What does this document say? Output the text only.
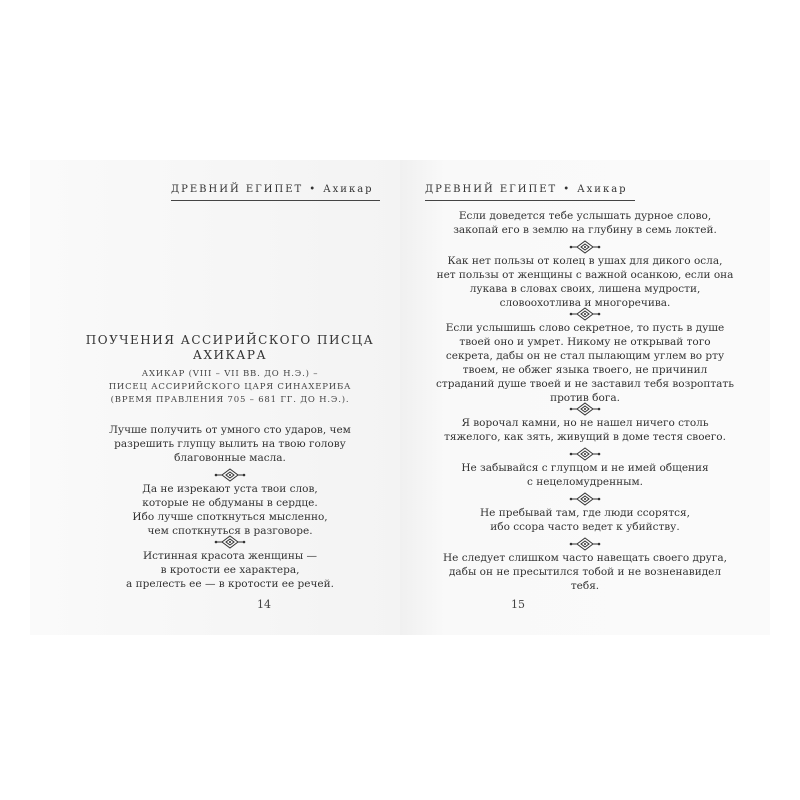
ДРЕВНИЙ ЕГИПЕТ • Ахикар
ПОУЧЕНИЯ АССИРИЙСКОГО ПИСЦА
АХИКАРА
АХИКАР (VIII – VII ВВ. ДО Н.Э.) –
ПИСЕЦ АССИРИЙСКОГО ЦАРЯ СИНАХЕРИБА
(ВРЕМЯ ПРАВЛЕНИЯ 705 – 681 ГГ. ДО Н.Э.).
Лучше получить от умного сто ударов, чем
разрешить глупцу вылить на твою голову
благовонные масла.
Да не изрекают уста твои слов,
которые не обдуманы в сердце.
Ибо лучше споткнуться мысленно,
чем споткнуться в разговоре.
Истинная красота женщины —
в кротости ее характера,
а прелесть ее — в кротости ее речей.
14
ДРЕВНИЙ ЕГИПЕТ • Ахикар
Если доведется тебе услышать дурное слово,
закопай его в землю на глубину в семь локтей.
Как нет пользы от колец в ушах для дикого осла,
нет пользы от женщины с важной осанкою, если она
лукава в словах своих, лишена мудрости,
словоохотлива и многоречива.
Если услышишь слово секретное, то пусть в душе
твоей оно и умрет. Никому не открывай того
секрета, дабы он не стал пылающим углем во рту
твоем, не обжег языка твоего, не причинил
страданий душе твоей и не заставил тебя возроптать
против бога.
Я ворочал камни, но не нашел ничего столь
тяжелого, как зять, живущий в доме тестя своего.
Не забывайся с глупцом и не имей общения
с нецеломудренным.
Не пребывай там, где люди ссорятся,
ибо ссора часто ведет к убийству.
Не следует слишком часто навещать своего друга,
дабы он не пресытился тобой и не возненавидел
тебя.
15
